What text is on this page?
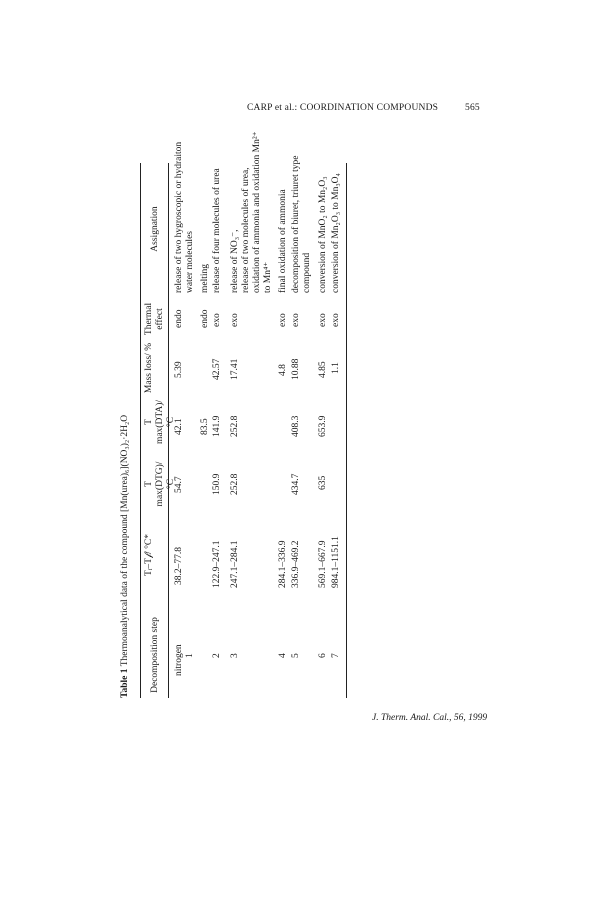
CARP et al.: COORDINATION COMPOUNDS	565
Table 1 Thermoanalytical data of the compound [Mn(urea)₆](NO₃)₂·2H₂O Decomposition step
Tᵢ–T𝒻/ °C*
T max(DTG)/ °C
T max(DTA)/ °C
Mass loss/ %
Thermal effect
Assignation
nitrogen 1
38.2–77.8
54.7
42.1
5.39
endo
release of two hygroscopic or hydraiton water molecules
83.5
endo
melting
2
122.9–247.1
150.9
141.9
42.57
exo
release of four molecules of urea
3
247.1–284.1
252.8
252.8
17.41
exo
release of NO₃⁻, release of two molecules of urea, oxidation of ammonia and oxidation Mn²⁺ to Mn⁴⁺
4
284.1–336.9
4.8
exo
final oxidation of ammonia
5
336.9–469.2
434.7
408.3
10.88
exo
decomposition of biuret, triuret type compound
6
569.1–667.9
635
653.9
4.85
exo
conversion of MnO₂ to Mn₂O₃
7
984.1–1151.1
1.1
exo
conversion of Mn₂O₃ to Mn₃O₄
J. Therm. Anal. Cal., 56, 1999
